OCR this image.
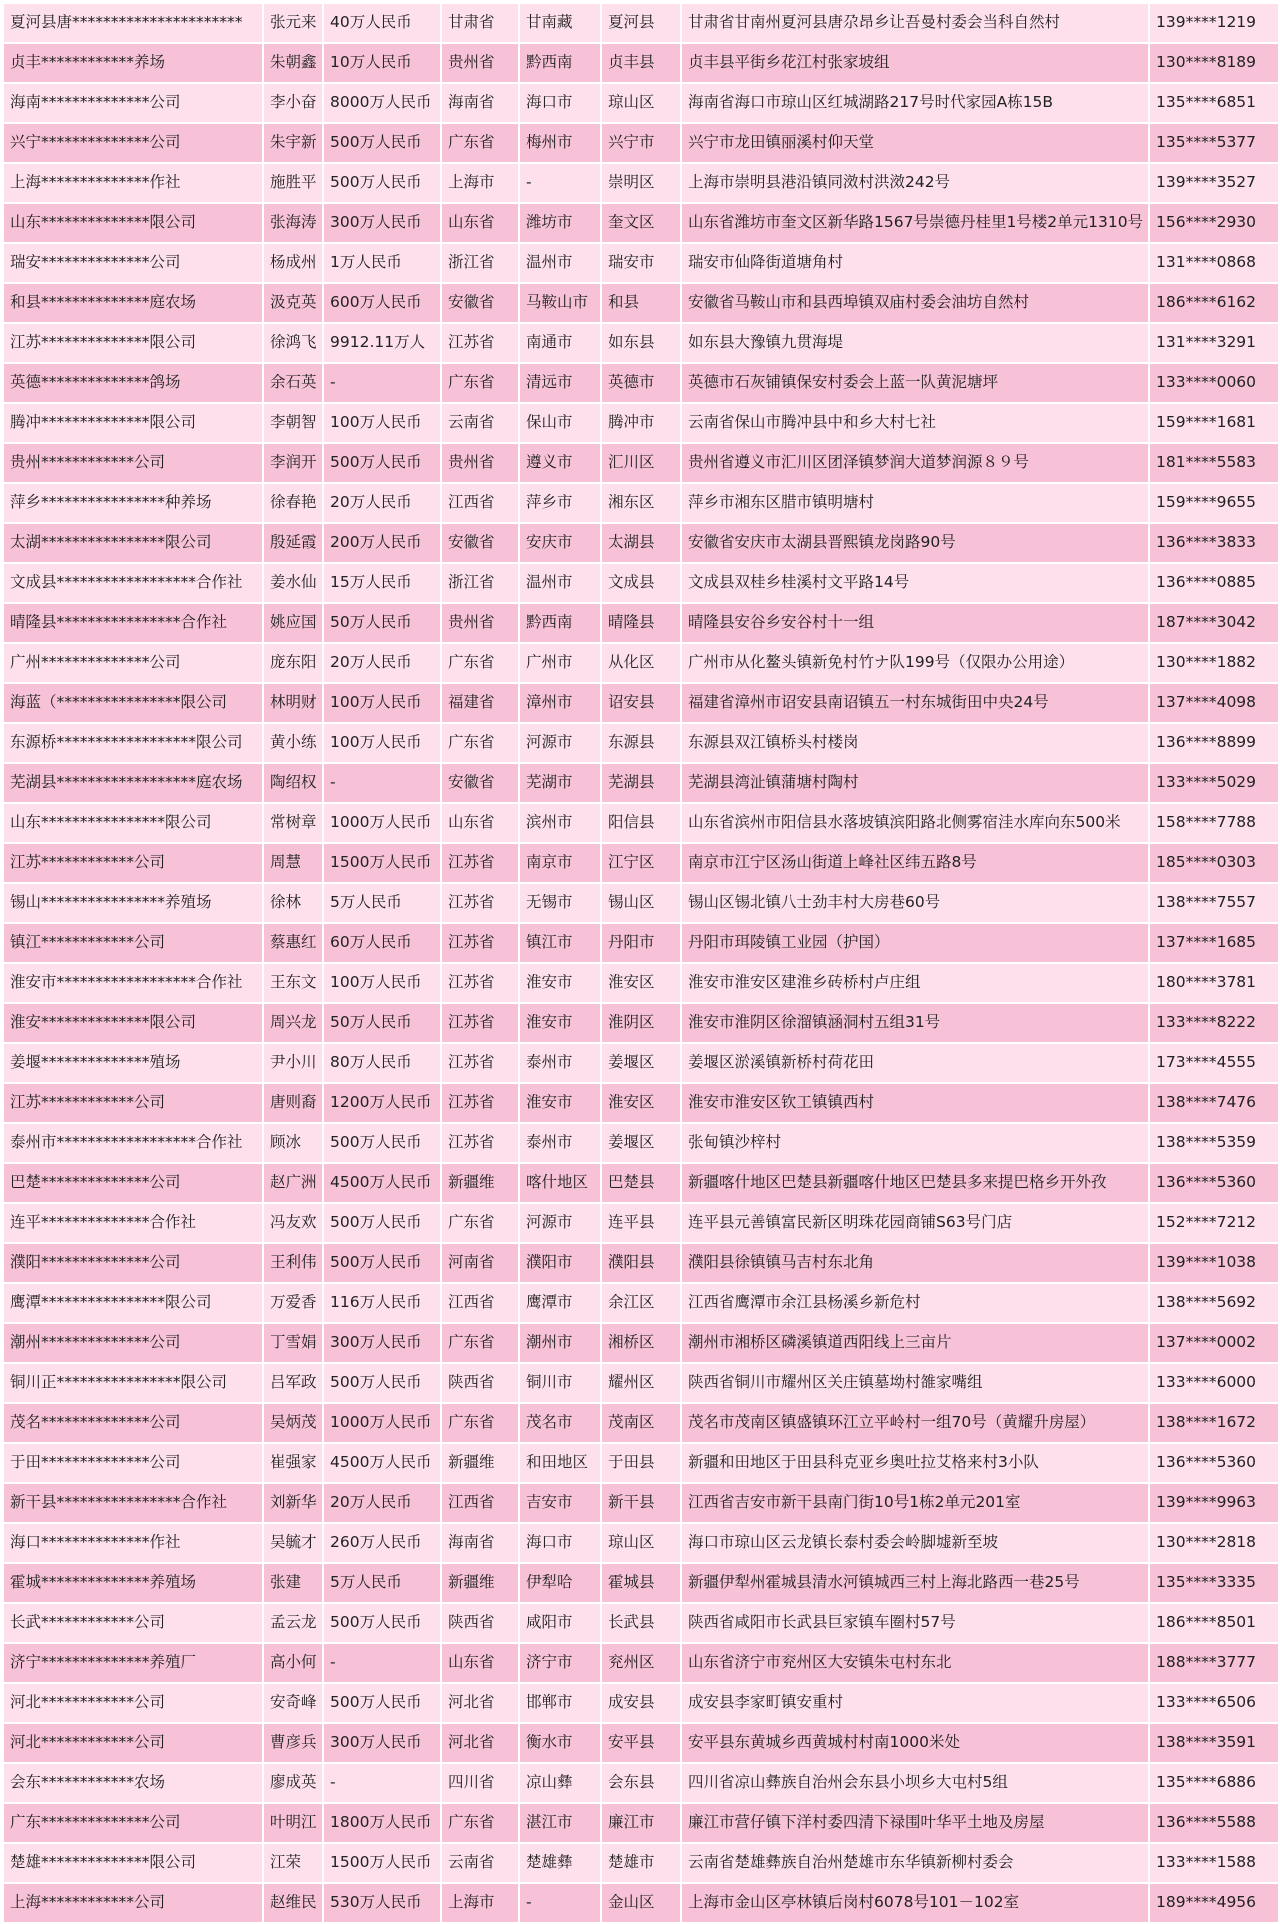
夏河县唐**********************	张元来	40万人民币	甘肃省	甘南藏	夏河县	甘肃省甘南州夏河县唐尕昂乡让吾曼村委会当科自然村	139****1219
贞丰************养场	朱朝鑫	10万人民币	贵州省	黔西南	贞丰县	贞丰县平街乡花江村张家坡组	130****8189
海南**************公司	李小奋	8000万人民币	海南省	海口市	琼山区	海南省海口市琼山区红城湖路217号时代家园A栋15B	135****6851
兴宁**************公司	朱宇新	500万人民币	广东省	梅州市	兴宁市	兴宁市龙田镇丽溪村仰天堂	135****5377
上海**************作社	施胜平	500万人民币	上海市	-	崇明区	上海市崇明县港沿镇同滧村洪滧242号	139****3527
山东**************限公司	张海涛	300万人民币	山东省	潍坊市	奎文区	山东省潍坊市奎文区新华路1567号崇德丹桂里1号楼2单元1310号	156****2930
瑞安**************公司	杨成州	1万人民币	浙江省	温州市	瑞安市	瑞安市仙降街道塘角村	131****0868
和县**************庭农场	汲克英	600万人民币	安徽省	马鞍山市	和县	安徽省马鞍山市和县西埠镇双庙村委会油坊自然村	186****6162
江苏**************限公司	徐鸿飞	9912.11万人	江苏省	南通市	如东县	如东县大豫镇九贯海堤	131****3291
英德**************鸽场	余石英	-	广东省	清远市	英德市	英德市石灰铺镇保安村委会上蓝一队黄泥塘坪	133****0060
腾冲**************限公司	李朝智	100万人民币	云南省	保山市	腾冲市	云南省保山市腾冲县中和乡大村七社	159****1681
贵州************公司	李润开	500万人民币	贵州省	遵义市	汇川区	贵州省遵义市汇川区团泽镇梦润大道梦润源８９号	181****5583
萍乡****************种养场	徐春艳	20万人民币	江西省	萍乡市	湘东区	萍乡市湘东区腊市镇明塘村	159****9655
太湖****************限公司	殷延霞	200万人民币	安徽省	安庆市	太湖县	安徽省安庆市太湖县晋熙镇龙岗路90号	136****3833
文成县******************合作社	姜水仙	15万人民币	浙江省	温州市	文成县	文成县双桂乡桂溪村文平路14号	136****0885
晴隆县****************合作社	姚应国	50万人民币	贵州省	黔西南	晴隆县	晴隆县安谷乡安谷村十一组	187****3042
广州**************公司	庞东阳	20万人民币	广东省	广州市	从化区	广州市从化鳌头镇新免村竹ナ队199号（仅限办公用途）	130****1882
海蓝（****************限公司	林明财	100万人民币	福建省	漳州市	诏安县	福建省漳州市诏安县南诏镇五一村东城街田中央24号	137****4098
东源桥******************限公司	黄小练	100万人民币	广东省	河源市	东源县	东源县双江镇桥头村楼岗	136****8899
芜湖县******************庭农场	陶绍权	-	安徽省	芜湖市	芜湖县	芜湖县湾沚镇蒲塘村陶村	133****5029
山东****************限公司	常树章	1000万人民币	山东省	滨州市	阳信县	山东省滨州市阳信县水落坡镇滨阳路北侧雾宿洼水库向东500米	158****7788
江苏************公司	周慧	1500万人民币	江苏省	南京市	江宁区	南京市江宁区汤山街道上峰社区纬五路8号	185****0303
锡山****************养殖场	徐林	5万人民币	江苏省	无锡市	锡山区	锡山区锡北镇八士劲丰村大房巷60号	138****7557
镇江************公司	蔡惠红	60万人民币	江苏省	镇江市	丹阳市	丹阳市珥陵镇工业园（护国）	137****1685
淮安市******************合作社	王东文	100万人民币	江苏省	淮安市	淮安区	淮安市淮安区建淮乡砖桥村卢庄组	180****3781
淮安**************限公司	周兴龙	50万人民币	江苏省	淮安市	淮阴区	淮安市淮阴区徐溜镇涵洞村五组31号	133****8222
姜堰**************殖场	尹小川	80万人民币	江苏省	泰州市	姜堰区	姜堰区淤溪镇新桥村荷花田	173****4555
江苏************公司	唐则裔	1200万人民币	江苏省	淮安市	淮安区	淮安市淮安区钦工镇镇西村	138****7476
泰州市******************合作社	顾冰	500万人民币	江苏省	泰州市	姜堰区	张甸镇沙梓村	138****5359
巴楚**************公司	赵广洲	4500万人民币	新疆维	喀什地区	巴楚县	新疆喀什地区巴楚县新疆喀什地区巴楚县多来提巴格乡开外孜	136****5360
连平**************合作社	冯友欢	500万人民币	广东省	河源市	连平县	连平县元善镇富民新区明珠花园商铺S63号门店	152****7212
濮阳**************公司	王利伟	500万人民币	河南省	濮阳市	濮阳县	濮阳县徐镇镇马吉村东北角	139****1038
鹰潭****************限公司	万爱香	116万人民币	江西省	鹰潭市	余江区	江西省鹰潭市余江县杨溪乡新危村	138****5692
潮州**************公司	丁雪娟	300万人民币	广东省	潮州市	湘桥区	潮州市湘桥区磷溪镇道西阳线上三亩片	137****0002
铜川正****************限公司	吕军政	500万人民币	陕西省	铜川市	耀州区	陕西省铜川市耀州区关庄镇墓坳村雒家嘴组	133****6000
茂名**************公司	吴炳茂	1000万人民币	广东省	茂名市	茂南区	茂名市茂南区镇盛镇环江立平岭村一组70号（黄耀升房屋）	138****1672
于田**************公司	崔强家	4500万人民币	新疆维	和田地区	于田县	新疆和田地区于田县科克亚乡奥吐拉艾格来村3小队	136****5360
新干县****************合作社	刘新华	20万人民币	江西省	吉安市	新干县	江西省吉安市新干县南门街10号1栋2单元201室	139****9963
海口**************作社	吴毓才	260万人民币	海南省	海口市	琼山区	海口市琼山区云龙镇长泰村委会岭脚墟新至坡	130****2818
霍城**************养殖场	张建	5万人民币	新疆维	伊犁哈	霍城县	新疆伊犁州霍城县清水河镇城西三村上海北路西一巷25号	135****3335
长武************公司	孟云龙	500万人民币	陕西省	咸阳市	长武县	陕西省咸阳市长武县巨家镇车圈村57号	186****8501
济宁**************养殖厂	高小何	-	山东省	济宁市	兖州区	山东省济宁市兖州区大安镇朱屯村东北	188****3777
河北************公司	安奇峰	500万人民币	河北省	邯郸市	成安县	成安县李家町镇安重村	133****6506
河北************公司	曹彦兵	300万人民币	河北省	衡水市	安平县	安平县东黄城乡西黄城村村南1000米处	138****3591
会东************农场	廖成英	-	四川省	凉山彝	会东县	四川省凉山彝族自治州会东县小坝乡大屯村5组	135****6886
广东**************公司	叶明江	1800万人民币	广东省	湛江市	廉江市	廉江市营仔镇下洋村委四清下禄围叶华平土地及房屋	136****5588
楚雄**************限公司	江荣	1500万人民币	云南省	楚雄彝	楚雄市	云南省楚雄彝族自治州楚雄市东华镇新柳村委会	133****1588
上海************公司	赵维民	530万人民币	上海市	-	金山区	上海市金山区亭林镇后岗村6078号101－102室	189****4956
